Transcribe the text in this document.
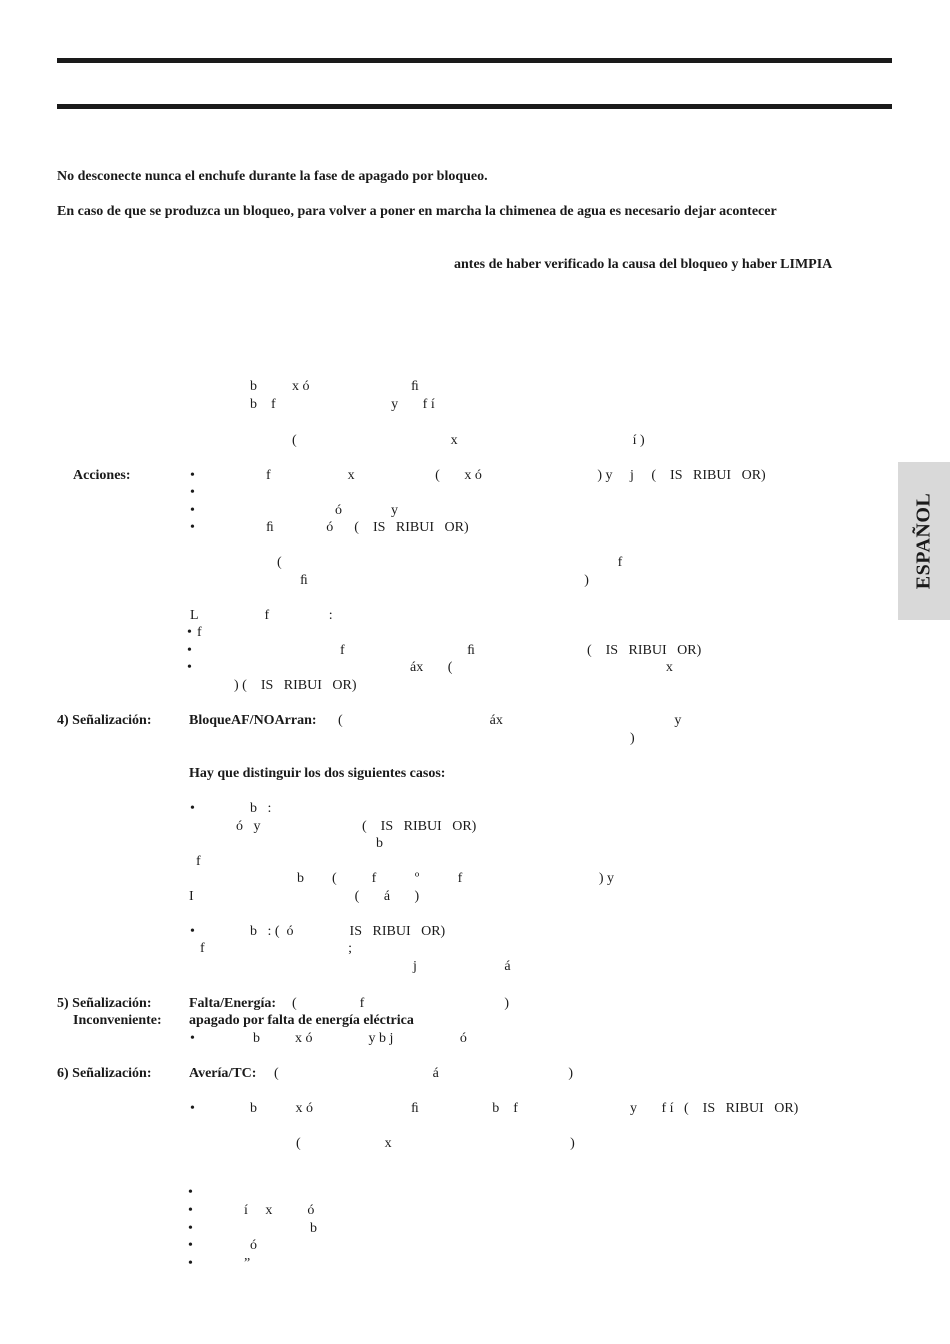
No desconecte nunca el enchufe durante la fase de apagado por bloqueo.
En caso de que se produzca un bloqueo, para volver a poner en marcha la chimenea de agua es necesario dejar acontecer
antes de haber verificado la causa del bloqueo y haber LIMPIA
b          x ó                             ﬁ
b    f                                 y       f í
(                                            x                                                  í )
Acciones:	•	f                      x                       (       x ó                                 ) y     j     (    IS   RIBUI   OR)
•
•	ó              y
•	ﬁ               ó      (    IS   RIBUI   OR)
(                                                                                                f
ﬁ                                                                               )
L                   f                 :
• f
•	f                                   ﬁ                                (    IS   RIBUI   OR)
•	áx       (                                                             x
) (    IS   RIBUI   OR)
4) Señalización:	BloqueAF/NOArran: (                                          áx                                                 y
)
Hay que distinguir los dos siguientes casos:
•	b   :
ó   y                             (    IS   RIBUI   OR)
b
f
b        (          f           º           f                                       ) y
I                                              (       á       )
•	b   : (  ó                IS   RIBUI   OR)
f                                         ;
j                         á
5) Señalización:	Falta/Energía: (                  f                                        )
Inconveniente: apagado por falta de energía eléctrica
•	b          x ó                y b j                   ó
6) Señalización:	Avería/TC: (                                            á                                     )
•	b           x ó                            ﬁ                     b    f                                y       f í   (    IS   RIBUI   OR)
(                        x                                                   )
•
•	í     x          ó
•	b
•	ó
•	”
ESPAÑOL
